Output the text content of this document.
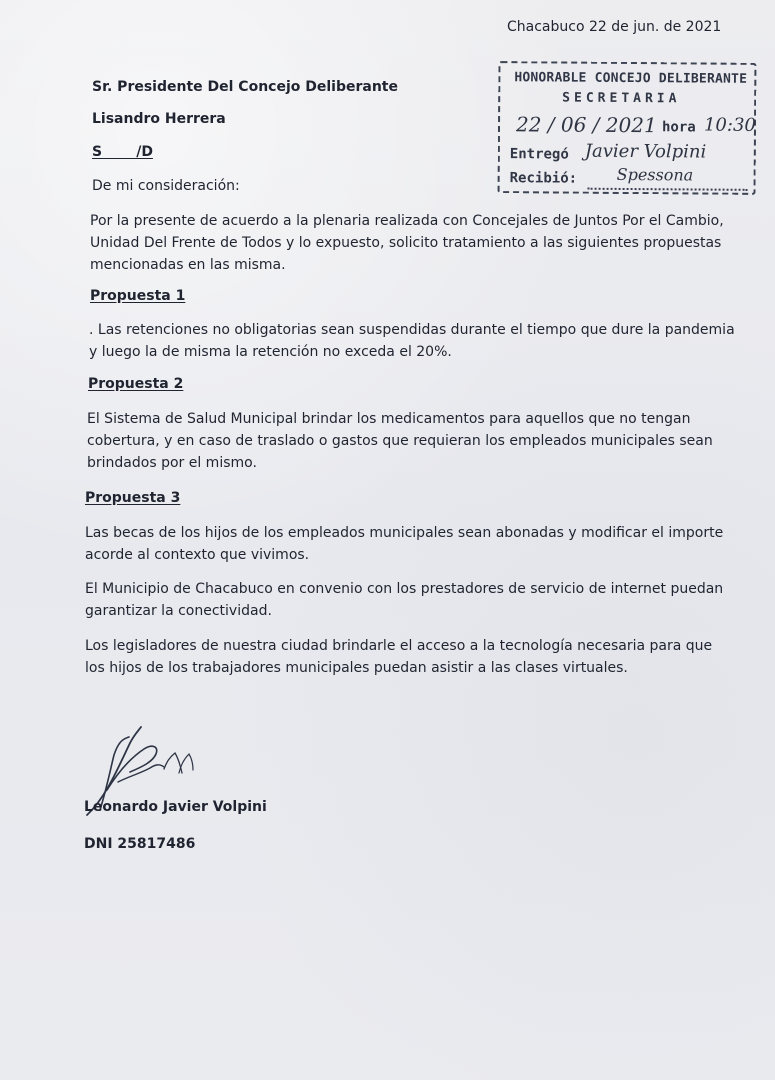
Chacabuco 22 de jun. de 2021
HONORABLE CONCEJO DELIBERANTE
SECRETARIA
22 / 06 / 2021 hora 10:30
Entregó Javier Volpini
Recibió: Spessona
Sr. Presidente Del Concejo Deliberante
Lisandro Herrera
S       /D
De mi consideración:

Por la presente de acuerdo a la plenaria realizada con Concejales de Juntos Por el Cambio, Unidad Del Frente de Todos y lo expuesto, solicito tratamiento a las siguientes propuestas mencionadas en las misma.

Propuesta 1

. Las retenciones no obligatorias sean suspendidas durante el tiempo que dure la pandemia y luego la de misma la retención no exceda el 20%.

Propuesta 2

El Sistema de Salud Municipal brindar los medicamentos para aquellos que no tengan cobertura, y en caso de traslado o gastos que requieran los empleados municipales sean brindados por el mismo.

Propuesta 3

Las becas de los hijos de los empleados municipales sean abonadas y modificar el importe acorde al contexto que vivimos.

El Municipio de Chacabuco en convenio con los prestadores de servicio de internet puedan garantizar la conectividad.

Los legisladores de nuestra ciudad brindarle el acceso a la tecnología necesaria para que los hijos de los trabajadores municipales puedan asistir a las clases virtuales.

Leonardo Javier Volpini
DNI 25817486
